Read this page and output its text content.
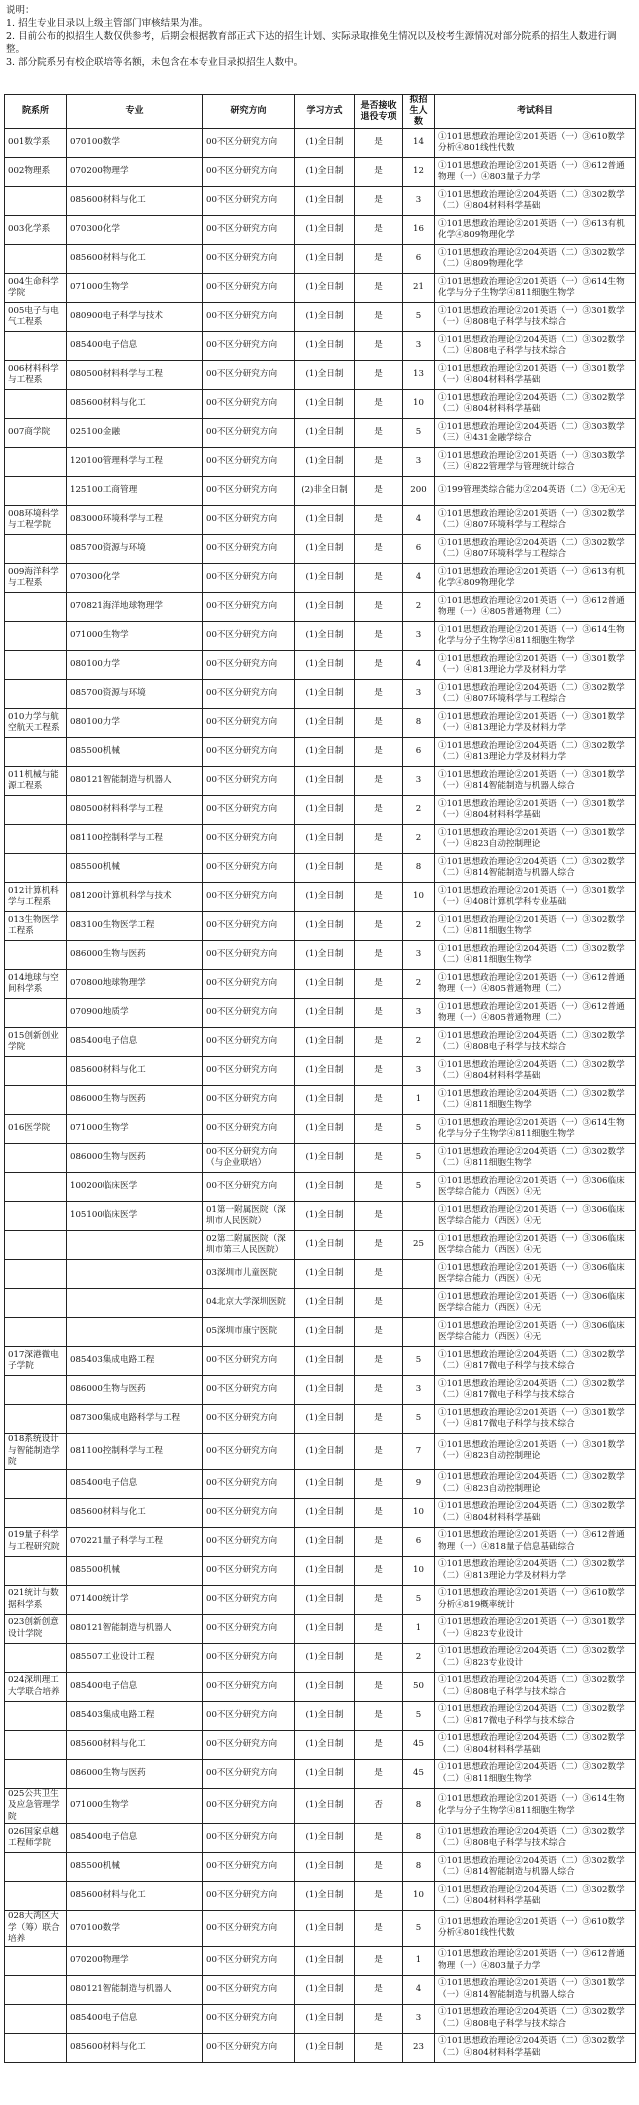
说明：
1. 招生专业目录以上级主管部门审核结果为准。
2. 目前公布的拟招生人数仅供参考，后期会根据教育部正式下达的招生计划、实际录取推免生情况以及校考生源情况对部分院系的招生人数进行调整。
3. 部分院系另有校企联培等名额，未包含在本专业目录拟招生人数中。
院系所	专业	研究方向	学习方式	是否接收退役专项	拟招生人数	考试科目
001数学系	070100数学	00不区分研究方向	(1)全日制	是	14	①101思想政治理论②201英语（一）③610数学分析④801线性代数
002物理系	070200物理学	00不区分研究方向	(1)全日制	是	12	①101思想政治理论②201英语（一）③612普通物理（一）④803量子力学
	085600材料与化工	00不区分研究方向	(1)全日制	是	3	①101思想政治理论②204英语（二）③302数学（二）④804材料科学基础
003化学系	070300化学	00不区分研究方向	(1)全日制	是	16	①101思想政治理论②201英语（一）③613有机化学④809物理化学
	085600材料与化工	00不区分研究方向	(1)全日制	是	6	①101思想政治理论②204英语（二）③302数学（二）④809物理化学
004生命科学学院	071000生物学	00不区分研究方向	(1)全日制	是	21	①101思想政治理论②201英语（一）③614生物化学与分子生物学④811细胞生物学
005电子与电气工程系	080900电子科学与技术	00不区分研究方向	(1)全日制	是	5	①101思想政治理论②201英语（一）③301数学（一）④808电子科学与技术综合
	085400电子信息	00不区分研究方向	(1)全日制	是	3	①101思想政治理论②204英语（二）③302数学（二）④808电子科学与技术综合
006材料科学与工程系	080500材料科学与工程	00不区分研究方向	(1)全日制	是	13	①101思想政治理论②201英语（一）③301数学（一）④804材料科学基础
	085600材料与化工	00不区分研究方向	(1)全日制	是	10	①101思想政治理论②204英语（二）③302数学（二）④804材料科学基础
007商学院	025100金融	00不区分研究方向	(1)全日制	是	5	①101思想政治理论②204英语（二）③303数学（三）④431金融学综合
	120100管理科学与工程	00不区分研究方向	(1)全日制	是	3	①101思想政治理论②201英语（一）③303数学（三）④822管理学与管理统计综合
	125100工商管理	00不区分研究方向	(2)非全日制	是	200	①199管理类综合能力②204英语（二）③无④无
008环境科学与工程学院	083000环境科学与工程	00不区分研究方向	(1)全日制	是	4	①101思想政治理论②201英语（一）③302数学（二）④807环境科学与工程综合
	085700资源与环境	00不区分研究方向	(1)全日制	是	6	①101思想政治理论②204英语（二）③302数学（二）④807环境科学与工程综合
009海洋科学与工程系	070300化学	00不区分研究方向	(1)全日制	是	4	①101思想政治理论②201英语（一）③613有机化学④809物理化学
	070821海洋地球物理学	00不区分研究方向	(1)全日制	是	2	①101思想政治理论②201英语（一）③612普通物理（一）④805普通物理（二）
	071000生物学	00不区分研究方向	(1)全日制	是	3	①101思想政治理论②201英语（一）③614生物化学与分子生物学④811细胞生物学
	080100力学	00不区分研究方向	(1)全日制	是	4	①101思想政治理论②201英语（一）③301数学（一）④813理论力学及材料力学
	085700资源与环境	00不区分研究方向	(1)全日制	是	3	①101思想政治理论②204英语（二）③302数学（二）④807环境科学与工程综合
010力学与航空航天工程系	080100力学	00不区分研究方向	(1)全日制	是	8	①101思想政治理论②201英语（一）③301数学（一）④813理论力学及材料力学
	085500机械	00不区分研究方向	(1)全日制	是	6	①101思想政治理论②204英语（二）③302数学（二）④813理论力学及材料力学
011机械与能源工程系	080121智能制造与机器人	00不区分研究方向	(1)全日制	是	3	①101思想政治理论②201英语（一）③301数学（一）④814智能制造与机器人综合
	080500材料科学与工程	00不区分研究方向	(1)全日制	是	2	①101思想政治理论②201英语（一）③301数学（一）④804材料科学基础
	081100控制科学与工程	00不区分研究方向	(1)全日制	是	2	①101思想政治理论②201英语（一）③301数学（一）④823自动控制理论
	085500机械	00不区分研究方向	(1)全日制	是	8	①101思想政治理论②204英语（二）③302数学（二）④814智能制造与机器人综合
012计算机科学与工程系	081200计算机科学与技术	00不区分研究方向	(1)全日制	是	10	①101思想政治理论②201英语（一）③301数学（一）④408计算机学科专业基础
013生物医学工程系	083100生物医学工程	00不区分研究方向	(1)全日制	是	2	①101思想政治理论②201英语（一）③302数学（二）④811细胞生物学
	086000生物与医药	00不区分研究方向	(1)全日制	是	3	①101思想政治理论②204英语（二）③302数学（二）④811细胞生物学
014地球与空间科学系	070800地球物理学	00不区分研究方向	(1)全日制	是	2	①101思想政治理论②201英语（一）③612普通物理（一）④805普通物理（二）
	070900地质学	00不区分研究方向	(1)全日制	是	3	①101思想政治理论②201英语（一）③612普通物理（一）④805普通物理（二）
015创新创业学院	085400电子信息	00不区分研究方向	(1)全日制	是	2	①101思想政治理论②204英语（二）③302数学（二）④808电子科学与技术综合
	085600材料与化工	00不区分研究方向	(1)全日制	是	3	①101思想政治理论②204英语（二）③302数学（二）④804材料科学基础
	086000生物与医药	00不区分研究方向	(1)全日制	是	1	①101思想政治理论②204英语（二）③302数学（二）④811细胞生物学
016医学院	071000生物学	00不区分研究方向	(1)全日制	是	5	①101思想政治理论②201英语（一）③614生物化学与分子生物学④811细胞生物学
	086000生物与医药	00不区分研究方向（与企业联培）	(1)全日制	是	5	①101思想政治理论②204英语（二）③302数学（二）④811细胞生物学
	100200临床医学	00不区分研究方向	(1)全日制	是	5	①101思想政治理论②201英语（一）③306临床医学综合能力（西医）④无
	105100临床医学	01第一附属医院（深圳市人民医院）	(1)全日制	是		①101思想政治理论②201英语（一）③306临床医学综合能力（西医）④无
		02第二附属医院（深圳市第三人民医院）	(1)全日制	是	25	①101思想政治理论②201英语（一）③306临床医学综合能力（西医）④无
		03深圳市儿童医院	(1)全日制	是		①101思想政治理论②201英语（一）③306临床医学综合能力（西医）④无
		04北京大学深圳医院	(1)全日制	是		①101思想政治理论②201英语（一）③306临床医学综合能力（西医）④无
		05深圳市康宁医院	(1)全日制	是		①101思想政治理论②201英语（一）③306临床医学综合能力（西医）④无
017深港微电子学院	085403集成电路工程	00不区分研究方向	(1)全日制	是	5	①101思想政治理论②204英语（二）③302数学（二）④817微电子科学与技术综合
	086000生物与医药	00不区分研究方向	(1)全日制	是	3	①101思想政治理论②204英语（二）③302数学（二）④817微电子科学与技术综合
	087300集成电路科学与工程	00不区分研究方向	(1)全日制	是	5	①101思想政治理论②201英语（一）③301数学（一）④817微电子科学与技术综合
018系统设计与智能制造学院	081100控制科学与工程	00不区分研究方向	(1)全日制	是	7	①101思想政治理论②201英语（一）③301数学（一）④823自动控制理论
	085400电子信息	00不区分研究方向	(1)全日制	是	9	①101思想政治理论②204英语（二）③302数学（二）④823自动控制理论
	085600材料与化工	00不区分研究方向	(1)全日制	是	10	①101思想政治理论②204英语（二）③302数学（二）④804材料科学基础
019量子科学与工程研究院	070221量子科学与工程	00不区分研究方向	(1)全日制	是	6	①101思想政治理论②201英语（一）③612普通物理（一）④818量子信息基础综合
	085500机械	00不区分研究方向	(1)全日制	是	10	①101思想政治理论②204英语（二）③302数学（二）④813理论力学及材料力学
021统计与数据科学系	071400统计学	00不区分研究方向	(1)全日制	是	5	①101思想政治理论②201英语（一）③610数学分析④819概率统计
023创新创意设计学院	080121智能制造与机器人	00不区分研究方向	(1)全日制	是	1	①101思想政治理论②201英语（一）③301数学（一）④823专业设计
	085507工业设计工程	00不区分研究方向	(1)全日制	是	2	①101思想政治理论②204英语（二）③302数学（二）④823专业设计
024深圳理工大学联合培养	085400电子信息	00不区分研究方向	(1)全日制	是	50	①101思想政治理论②204英语（二）③302数学（二）④808电子科学与技术综合
	085403集成电路工程	00不区分研究方向	(1)全日制	是	5	①101思想政治理论②204英语（二）③302数学（二）④817微电子科学与技术综合
	085600材料与化工	00不区分研究方向	(1)全日制	是	45	①101思想政治理论②204英语（二）③302数学（二）④804材料科学基础
	086000生物与医药	00不区分研究方向	(1)全日制	是	45	①101思想政治理论②204英语（二）③302数学（二）④811细胞生物学
025公共卫生及应急管理学院	071000生物学	00不区分研究方向	(1)全日制	否	8	①101思想政治理论②201英语（一）③614生物化学与分子生物学④811细胞生物学
026国家卓越工程师学院	085400电子信息	00不区分研究方向	(1)全日制	是	8	①101思想政治理论②204英语（二）③302数学（二）④808电子科学与技术综合
	085500机械	00不区分研究方向	(1)全日制	是	8	①101思想政治理论②204英语（二）③302数学（二）④814智能制造与机器人综合
	085600材料与化工	00不区分研究方向	(1)全日制	是	10	①101思想政治理论②204英语（二）③302数学（二）④804材料科学基础
028大湾区大学（筹）联合培养	070100数学	00不区分研究方向	(1)全日制	是	5	①101思想政治理论②201英语（一）③610数学分析④801线性代数
	070200物理学	00不区分研究方向	(1)全日制	是	1	①101思想政治理论②201英语（一）③612普通物理（一）④803量子力学
	080121智能制造与机器人	00不区分研究方向	(1)全日制	是	4	①101思想政治理论②201英语（一）③301数学（一）④814智能制造与机器人综合
	085400电子信息	00不区分研究方向	(1)全日制	是	3	①101思想政治理论②204英语（二）③302数学（二）④808电子科学与技术综合
	085600材料与化工	00不区分研究方向	(1)全日制	是	23	①101思想政治理论②204英语（二）③302数学（二）④804材料科学基础
